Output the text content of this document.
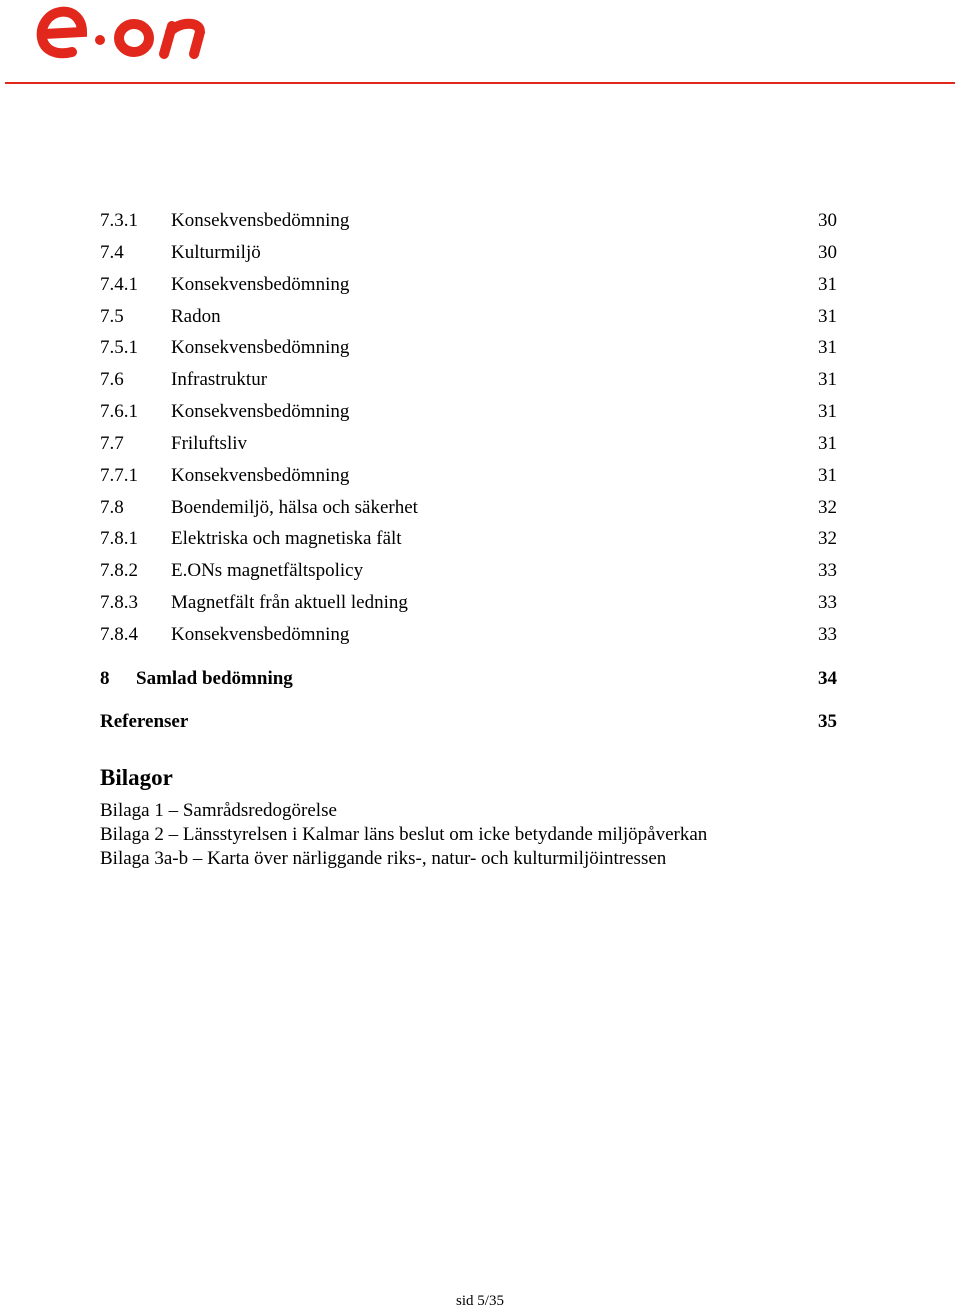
7.3.1 Konsekvensbedömning	30
7.4 Kulturmiljö	30
7.4.1 Konsekvensbedömning	31
7.5 Radon	31
7.5.1 Konsekvensbedömning	31
7.6 Infrastruktur	31
7.6.1 Konsekvensbedömning	31
7.7 Friluftsliv	31
7.7.1 Konsekvensbedömning	31
7.8 Boendemiljö, hälsa och säkerhet	32
7.8.1 Elektriska och magnetiska fält	32
7.8.2 E.ONs magnetfältspolicy	33
7.8.3 Magnetfält från aktuell ledning	33
7.8.4 Konsekvensbedömning	33
8 Samlad bedömning	34
Referenser	35
Bilagor
Bilaga 1 – Samrådsredogörelse
Bilaga 2 – Länsstyrelsen i Kalmar läns beslut om icke betydande miljöpåverkan
Bilaga 3a-b – Karta över närliggande riks-, natur- och kulturmiljöintressen
sid 5/35
